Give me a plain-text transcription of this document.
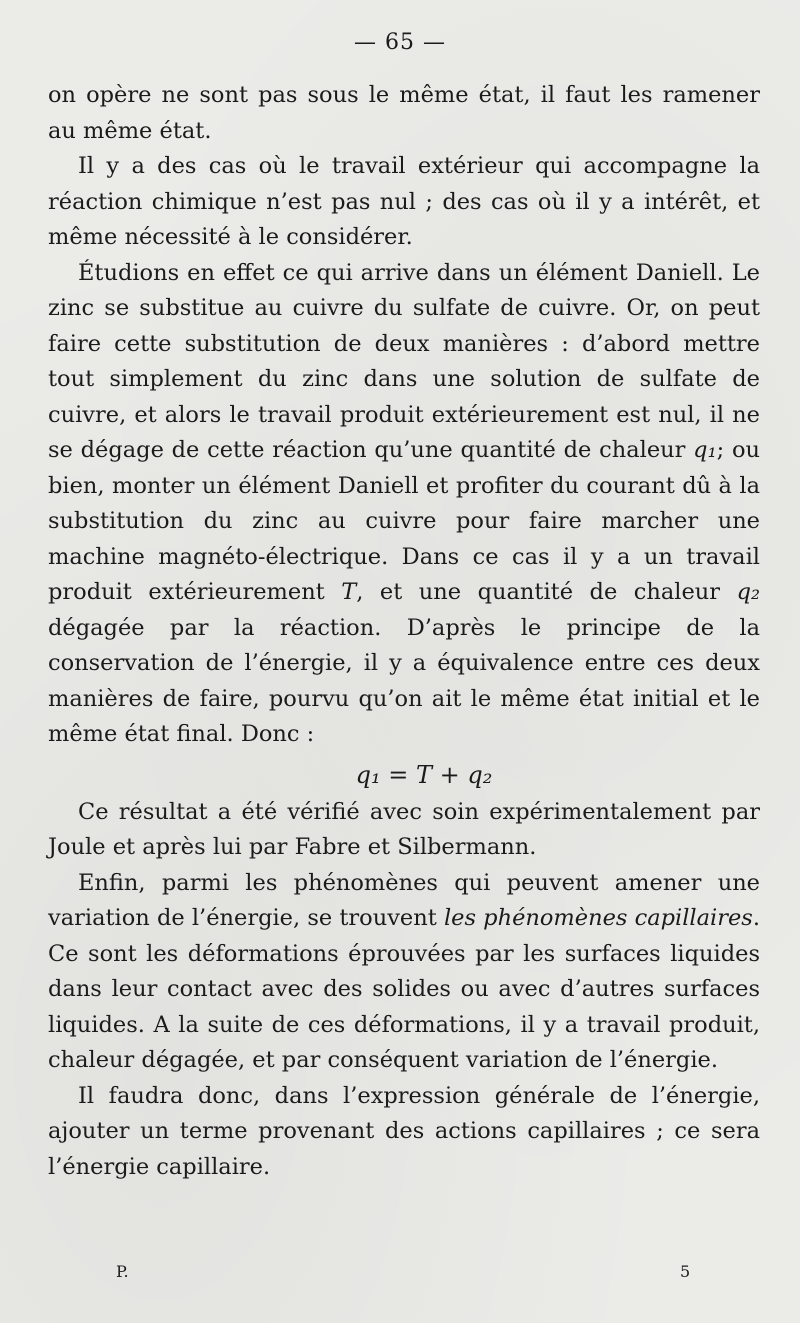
— 65 —

on opère ne sont pas sous le même état, il faut les ramener au même état.

Il y a des cas où le travail extérieur qui accompagne la réaction chimique n’est pas nul ; des cas où il y a intérêt, et même nécessité à le considérer.

Étudions en effet ce qui arrive dans un élément Daniell. Le zinc se substitue au cuivre du sulfate de cuivre. Or, on peut faire cette substitution de deux manières : d’abord mettre tout simplement du zinc dans une solution de sulfate de cuivre, et alors le travail produit extérieurement est nul, il ne se dégage de cette réaction qu’une quantité de chaleur q₁; ou bien, monter un élément Daniell et profiter du courant dû à la substitution du zinc au cuivre pour faire marcher une machine magnéto-électrique. Dans ce cas il y a un travail produit extérieurement T, et une quantité de chaleur q₂ dégagée par la réaction. D’après le principe de la conservation de l’énergie, il y a équivalence entre ces deux manières de faire, pourvu qu’on ait le même état initial et le même état final. Donc :

q₁ = T + q₂

Ce résultat a été vérifié avec soin expérimentalement par Joule et après lui par Fabre et Silbermann.

Enfin, parmi les phénomènes qui peuvent amener une variation de l’énergie, se trouvent les phénomènes capillaires. Ce sont les déformations éprouvées par les surfaces liquides dans leur contact avec des solides ou avec d’autres surfaces liquides. A la suite de ces déformations, il y a travail produit, chaleur dégagée, et par conséquent variation de l’énergie.

Il faudra donc, dans l’expression générale de l’énergie, ajouter un terme provenant des actions capillaires ; ce sera l’énergie capillaire.

P.	5
